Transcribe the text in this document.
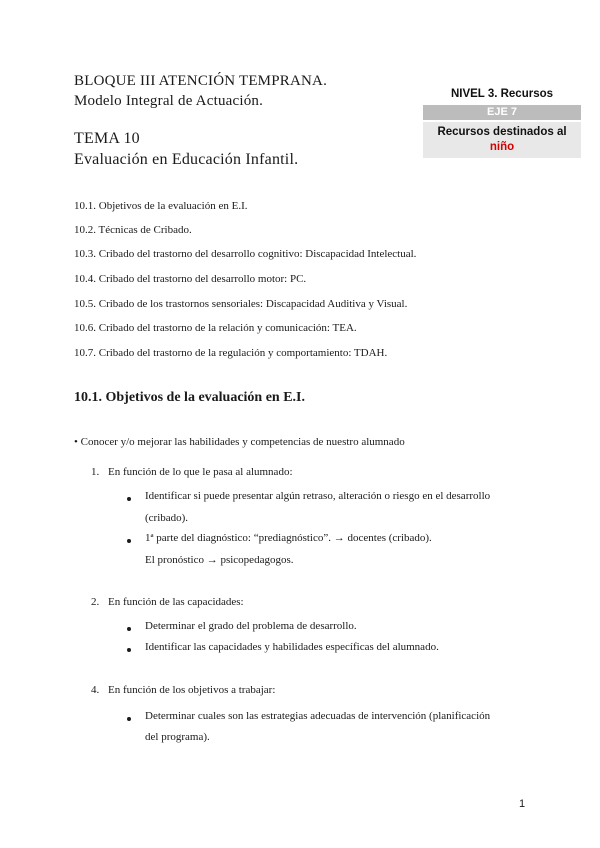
BLOQUE III ATENCIÓN TEMPRANA.
Modelo Integral de Actuación.
TEMA 10
Evaluación en Educación Infantil.
NIVEL 3. Recursos
EJE 7
Recursos destinados al
niño
10.1. Objetivos de la evaluación en E.I.
10.2. Técnicas de Cribado.
10.3. Cribado del trastorno del desarrollo cognitivo: Discapacidad Intelectual.
10.4. Cribado del trastorno del desarrollo motor: PC.
10.5. Cribado de los trastornos sensoriales: Discapacidad Auditiva y Visual.
10.6. Cribado del trastorno de la relación y comunicación: TEA.
10.7. Cribado del trastorno de la regulación y comportamiento: TDAH.
10.1. Objetivos de la evaluación en E.I.
• Conocer y/o mejorar las habilidades y competencias de nuestro alumnado
1. En función de lo que le pasa al alumnado:
Identificar si puede presentar algún retraso, alteración o riesgo en el desarrollo
(cribado).
1ª parte del diagnóstico: “prediagnóstico”. → docentes (cribado).
El pronóstico → psicopedagogos.
2. En función de las capacidades:
Determinar el grado del problema de desarrollo.
Identificar las capacidades y habilidades específicas del alumnado.
4. En función de los objetivos a trabajar:
Determinar cuales son las estrategias adecuadas de intervención (planificación
del programa).
1
